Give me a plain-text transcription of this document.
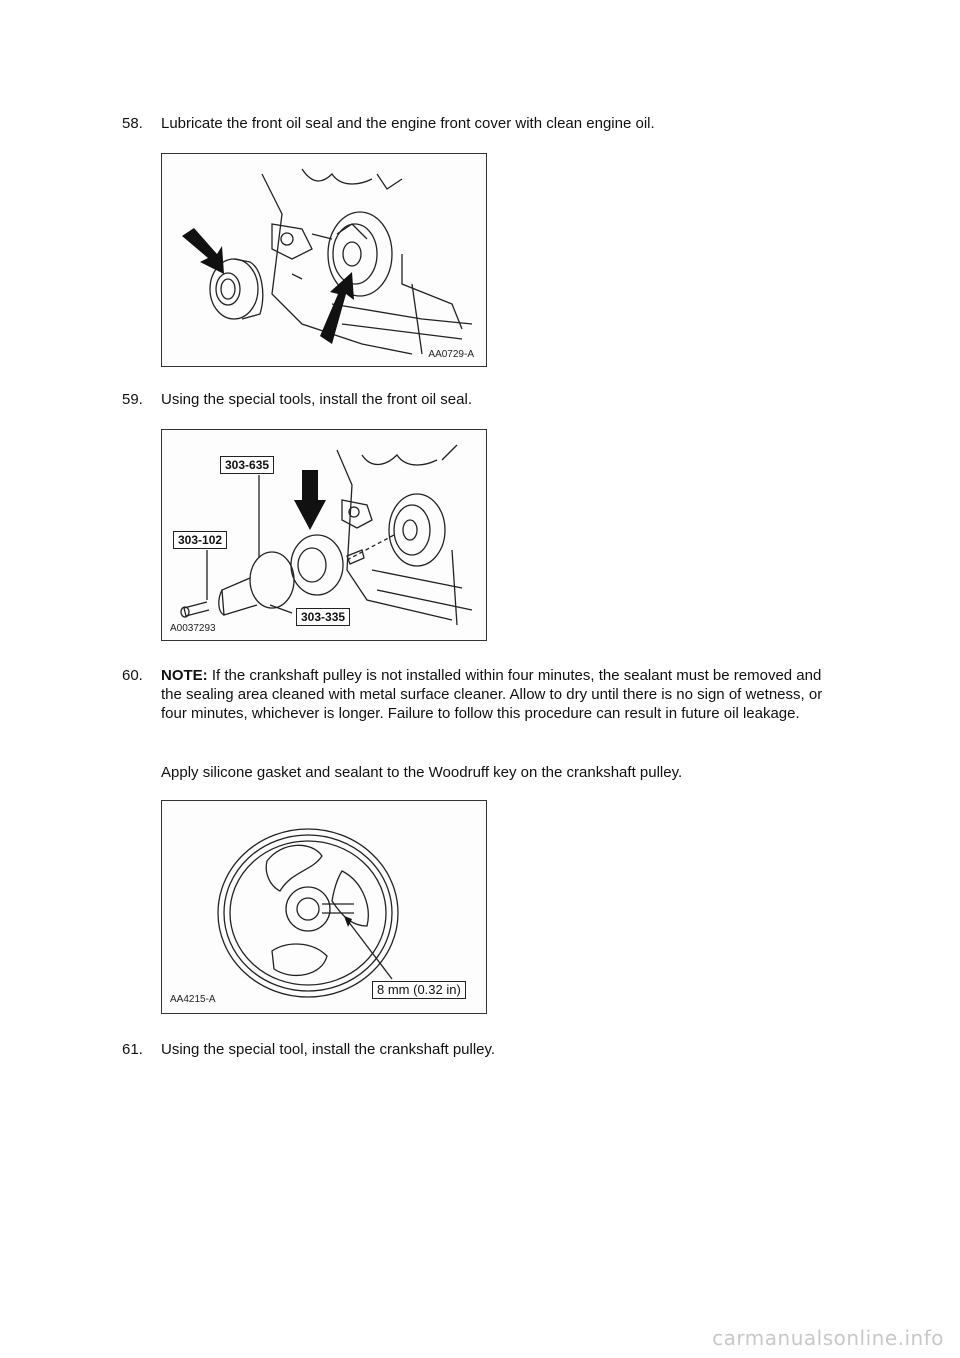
58. Lubricate the front oil seal and the engine front cover with clean engine oil.
AA0729-A
59. Using the special tools, install the front oil seal.
303-635
303-102
303-335
A0037293
60. NOTE: If the crankshaft pulley is not installed within four minutes, the sealant must be removed and the sealing area cleaned with metal surface cleaner. Allow to dry until there is no sign of wetness, or four minutes, whichever is longer. Failure to follow this procedure can result in future oil leakage.
Apply silicone gasket and sealant to the Woodruff key on the crankshaft pulley.
8 mm (0.32 in)
AA4215-A
61. Using the special tool, install the crankshaft pulley.
carmanualsonline.info
